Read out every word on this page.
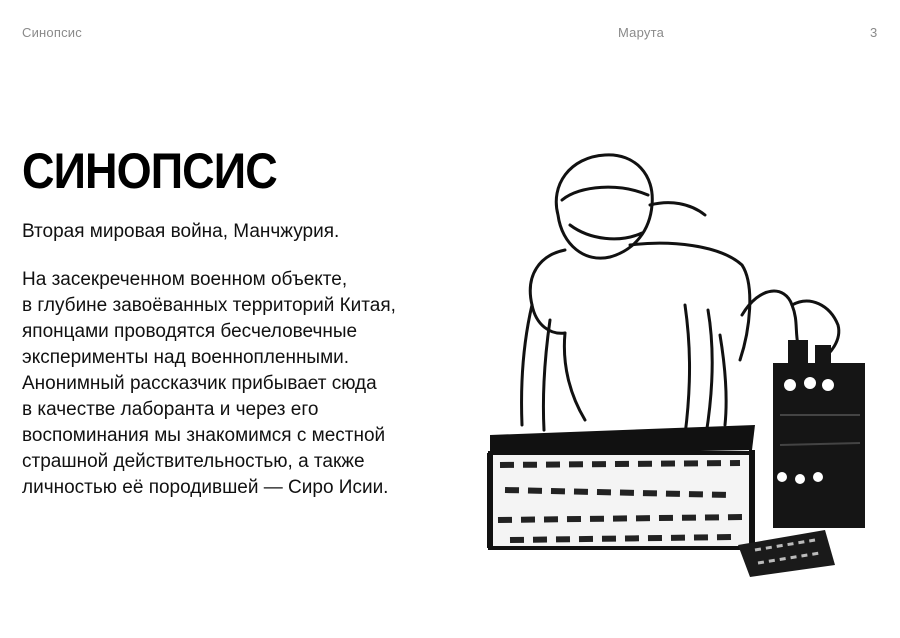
Синопсис	Марута	3
СИНОПСИС
Вторая мировая война, Манчжурия.
На засекреченном военном объекте,
в глубине завоёванных территорий Китая,
японцами проводятся бесчеловечные
эксперименты над военнопленными.
Анонимный рассказчик прибывает сюда
в качестве лаборанта и через его
воспоминания мы знакомимся с местной
страшной действительностью, а также
личностью её породившей — Сиро Исии.
